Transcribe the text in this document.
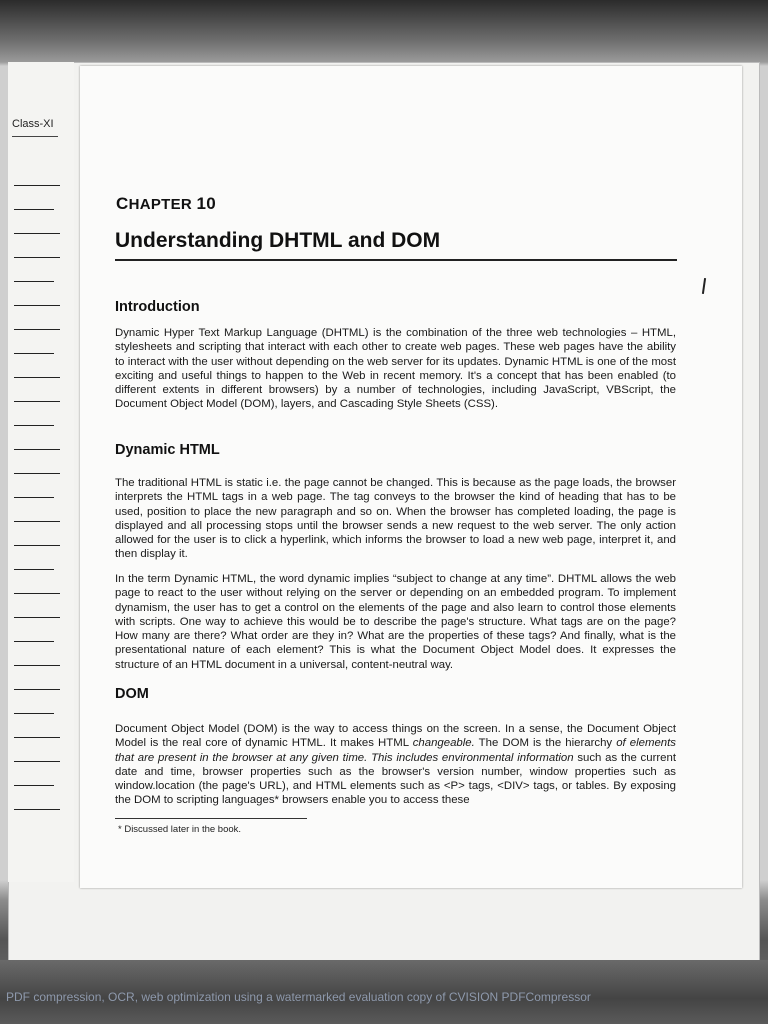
Class-XI
CHAPTER 10
Understanding DHTML and DOM
Introduction

Dynamic Hyper Text Markup Language (DHTML) is the combination of the three web technologies – HTML, stylesheets and scripting that interact with each other to create web pages. These web pages have the ability to interact with the user without depending on the web server for its updates. Dynamic HTML is one of the most exciting and useful things to happen to the Web in recent memory. It's a concept that has been enabled (to different extents in different browsers) by a number of technologies, including JavaScript, VBScript, the Document Object Model (DOM), layers, and Cascading Style Sheets (CSS).

Dynamic HTML

The traditional HTML is static i.e. the page cannot be changed. This is because as the page loads, the browser interprets the HTML tags in a web page. The tag conveys to the browser the kind of heading that has to be used, position to place the new paragraph and so on. When the browser has completed loading, the page is displayed and all processing stops until the browser sends a new request to the web server. The only action allowed for the user is to click a hyperlink, which informs the browser to load a new web page, interpret it, and then display it.

In the term Dynamic HTML, the word dynamic implies “subject to change at any time”. DHTML allows the web page to react to the user without relying on the server or depending on an embedded program. To implement dynamism, the user has to get a control on the elements of the page and also learn to control those elements with scripts. One way to achieve this would be to describe the page's structure. What tags are on the page? How many are there? What order are they in? What are the properties of these tags? And finally, what is the presentational nature of each element? This is what the Document Object Model does. It expresses the structure of an HTML document in a universal, content-neutral way.

DOM

Document Object Model (DOM) is the way to access things on the screen. In a sense, the Document Object Model is the real core of dynamic HTML. It makes HTML changeable. The DOM is the hierarchy of elements that are present in the browser at any given time. This includes environmental information such as the current date and time, browser properties such as the browser's version number, window properties such as window.location (the page's URL), and HTML elements such as <P> tags, <DIV> tags, or tables. By exposing the DOM to scripting languages* browsers enable you to access these

* Discussed later in the book.
PDF compression, OCR, web optimization using a watermarked evaluation copy of CVISION PDFCompressor
